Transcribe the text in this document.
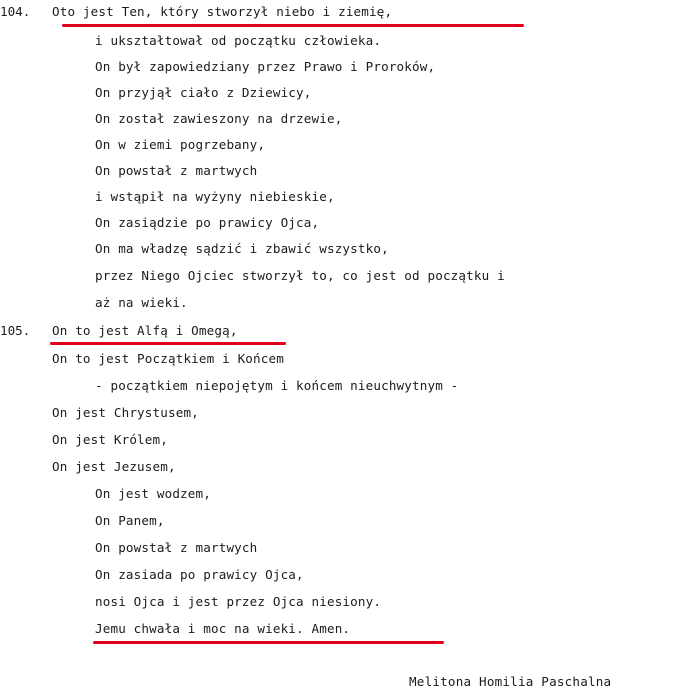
104. Oto jest Ten, który stworzył niebo i ziemię,
i ukształtował od początku człowieka.
On był zapowiedziany przez Prawo i Proroków,
On przyjął ciało z Dziewicy,
On został zawieszony na drzewie,
On w ziemi pogrzebany,
On powstał z martwych
i wstąpił na wyżyny niebieskie,
On zasiądzie po prawicy Ojca,
On ma władzę sądzić i zbawić wszystko,
przez Niego Ojciec stworzył to, co jest od początku i
aż na wieki.
105. On to jest Alfą i Omegą,
On to jest Początkiem i Końcem
- początkiem niepojętym i końcem nieuchwytnym -
On jest Chrystusem,
On jest Królem,
On jest Jezusem,
On jest wodzem,
On Panem,
On powstał z martwych
On zasiada po prawicy Ojca,
nosi Ojca i jest przez Ojca niesiony.
Jemu chwała i moc na wieki. Amen.
Melitona Homilia Paschalna
